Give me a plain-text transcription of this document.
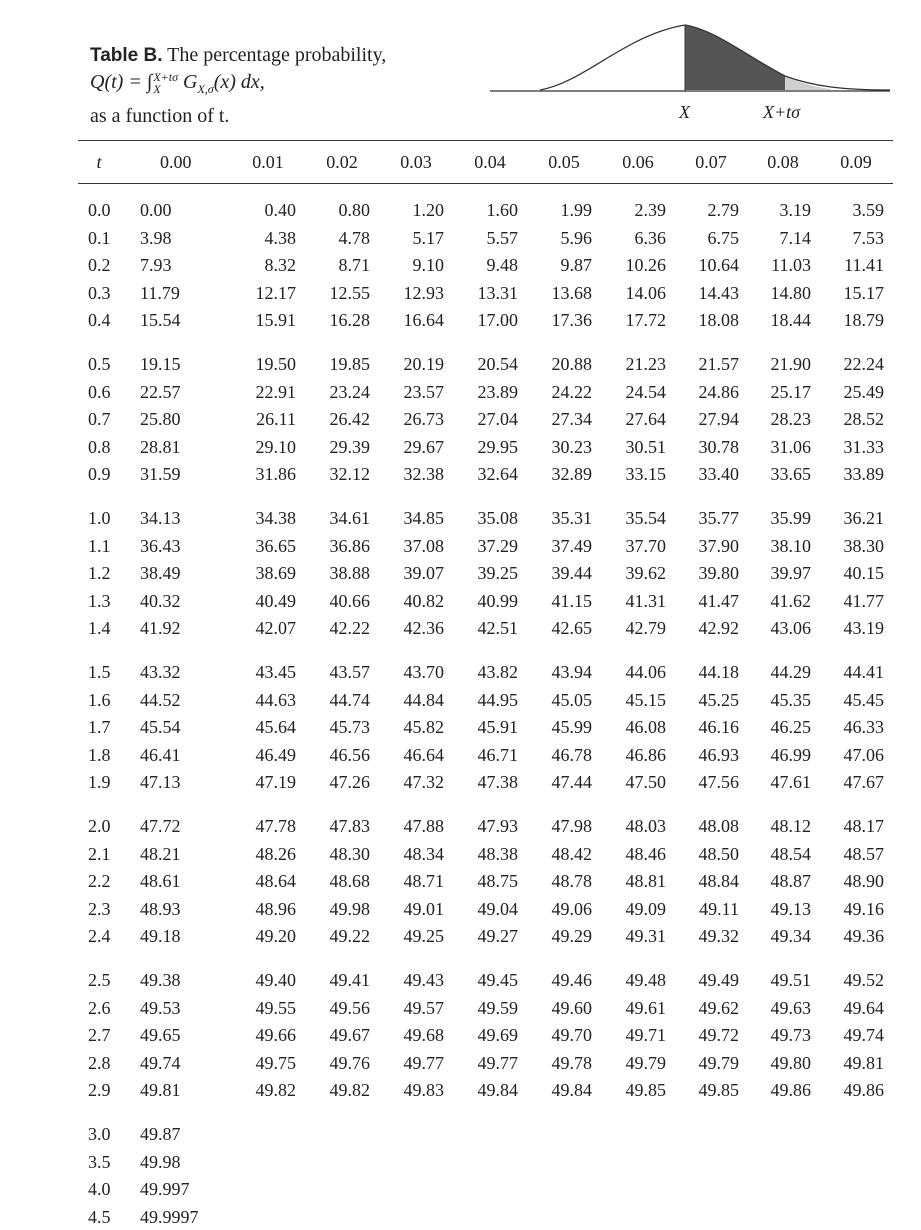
Table B. The percentage probability,
Q(t) = ∫X+tσ
X $G_{X,\sigma}(x)$ dx,
as a function of t.	X	X+tσ
t	0.00	0.01	0.02	0.03	0.04	0.05	0.06	0.07	0.08	0.09
0.0	0.00	0.40	0.80	1.20	1.60	1.99	2.39	2.79	3.19	3.59
0.1	3.98	4.38	4.78	5.17	5.57	5.96	6.36	6.75	7.14	7.53
0.2	7.93	8.32	8.71	9.10	9.48	9.87	10.26	10.64	11.03	11.41
0.3	11.79	12.17	12.55	12.93	13.31	13.68	14.06	14.43	14.80	15.17
0.4	15.54	15.91	16.28	16.64	17.00	17.36	17.72	18.08	18.44	18.79
0.5	19.15	19.50	19.85	20.19	20.54	20.88	21.23	21.57	21.90	22.24
0.6	22.57	22.91	23.24	23.57	23.89	24.22	24.54	24.86	25.17	25.49
0.7	25.80	26.11	26.42	26.73	27.04	27.34	27.64	27.94	28.23	28.52
0.8	28.81	29.10	29.39	29.67	29.95	30.23	30.51	30.78	31.06	31.33
0.9	31.59	31.86	32.12	32.38	32.64	32.89	33.15	33.40	33.65	33.89
1.0	34.13	34.38	34.61	34.85	35.08	35.31	35.54	35.77	35.99	36.21
1.1	36.43	36.65	36.86	37.08	37.29	37.49	37.70	37.90	38.10	38.30
1.2	38.49	38.69	38.88	39.07	39.25	39.44	39.62	39.80	39.97	40.15
1.3	40.32	40.49	40.66	40.82	40.99	41.15	41.31	41.47	41.62	41.77
1.4	41.92	42.07	42.22	42.36	42.51	42.65	42.79	42.92	43.06	43.19
1.5	43.32	43.45	43.57	43.70	43.82	43.94	44.06	44.18	44.29	44.41
1.6	44.52	44.63	44.74	44.84	44.95	45.05	45.15	45.25	45.35	45.45
1.7	45.54	45.64	45.73	45.82	45.91	45.99	46.08	46.16	46.25	46.33
1.8	46.41	46.49	46.56	46.64	46.71	46.78	46.86	46.93	46.99	47.06
1.9	47.13	47.19	47.26	47.32	47.38	47.44	47.50	47.56	47.61	47.67
2.0	47.72	47.78	47.83	47.88	47.93	47.98	48.03	48.08	48.12	48.17
2.1	48.21	48.26	48.30	48.34	48.38	48.42	48.46	48.50	48.54	48.57
2.2	48.61	48.64	48.68	48.71	48.75	48.78	48.81	48.84	48.87	48.90
2.3	48.93	48.96	49.98	49.01	49.04	49.06	49.09	49.11	49.13	49.16
2.4	49.18	49.20	49.22	49.25	49.27	49.29	49.31	49.32	49.34	49.36
2.5	49.38	49.40	49.41	49.43	49.45	49.46	49.48	49.49	49.51	49.52
2.6	49.53	49.55	49.56	49.57	49.59	49.60	49.61	49.62	49.63	49.64
2.7	49.65	49.66	49.67	49.68	49.69	49.70	49.71	49.72	49.73	49.74
2.8	49.74	49.75	49.76	49.77	49.77	49.78	49.79	49.79	49.80	49.81
2.9	49.81	49.82	49.82	49.83	49.84	49.84	49.85	49.85	49.86	49.86
3.0	49.87
3.5	49.98
4.0	49.997
4.5	49.9997
